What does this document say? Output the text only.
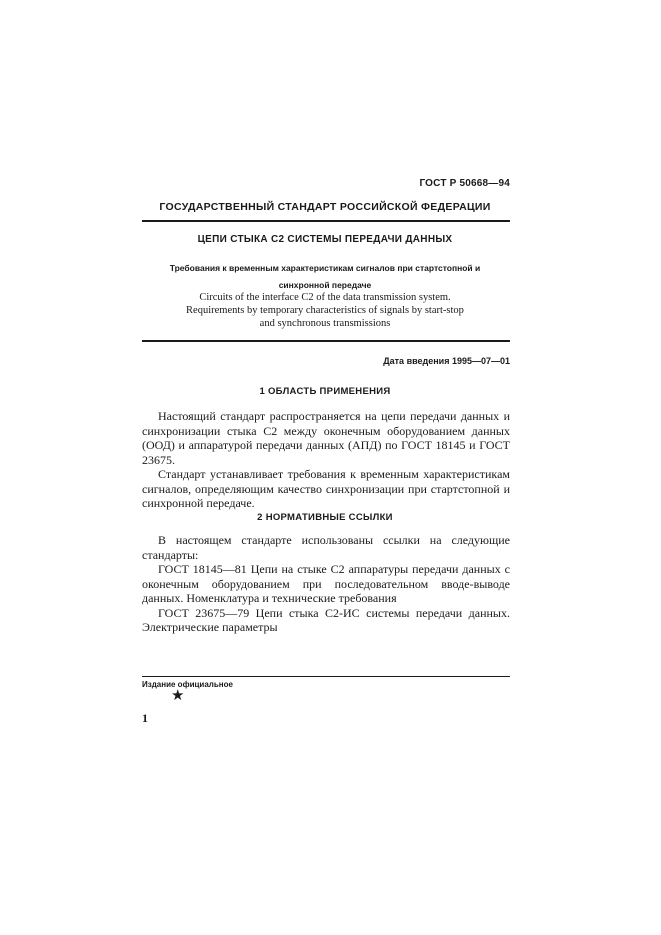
ГОСТ Р 50668—94
ГОСУДАРСТВЕННЫЙ СТАНДАРТ РОССИЙСКОЙ ФЕДЕРАЦИИ
ЦЕПИ СТЫКА С2 СИСТЕМЫ ПЕРЕДАЧИ ДАННЫХ
Требования к временным характеристикам сигналов при стартстопной и
синхронной передаче
Circuits of the interface C2 of the data transmission system.
Requirements by temporary characteristics of signals by start-stop
and synchronous transmissions
Дата введения 1995—07—01
1 ОБЛАСТЬ ПРИМЕНЕНИЯ

Настоящий стандарт распространяется на цепи передачи данных и синхронизации стыка С2 между оконечным оборудованием данных (ООД) и аппаратурой передачи данных (АПД) по ГОСТ 18145 и ГОСТ 23675.

Стандарт устанавливает требования к временным характеристикам сигналов, определяющим качество синхронизации при стартстопной и синхронной передаче.

2 НОРМАТИВНЫЕ ССЫЛКИ

В настоящем стандарте использованы ссылки на следующие стандарты:

ГОСТ 18145—81 Цепи на стыке С2 аппаратуры передачи данных с оконечным оборудованием при последовательном вводе-выводе данных. Номенклатура и технические требования

ГОСТ 23675—79 Цепи стыка С2-ИС системы передачи данных. Электрические параметры

Издание официальное
★
1
